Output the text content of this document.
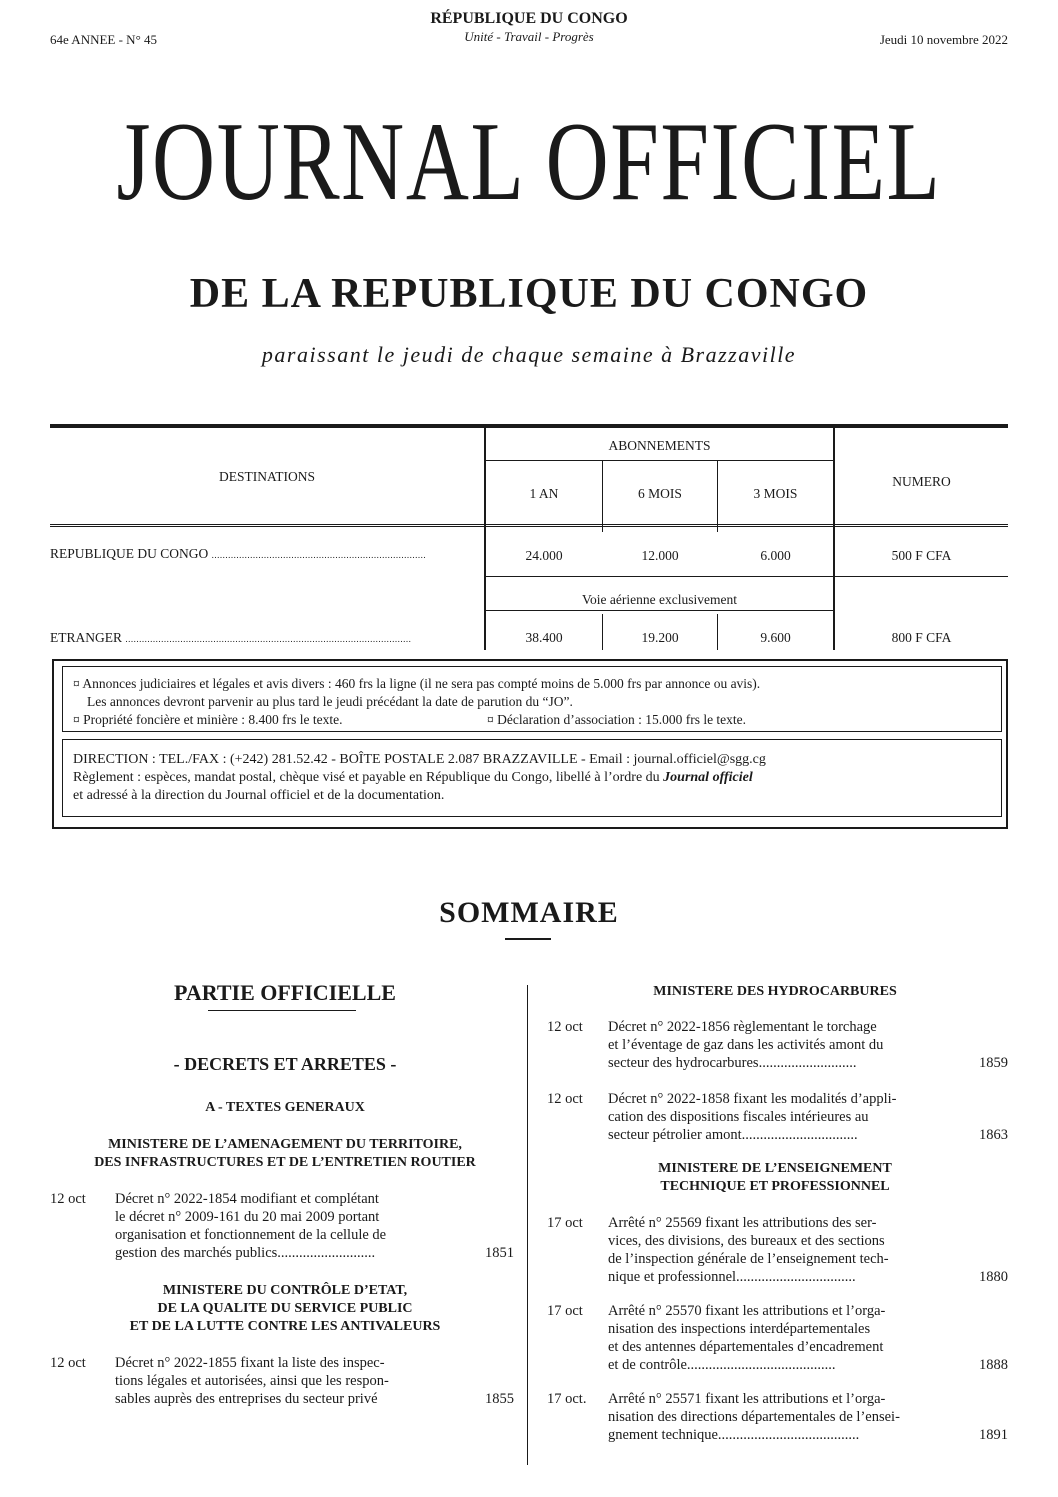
64e ANNEE - N° 45
RÉPUBLIQUE DU CONGO
Unité - Travail - Progrès	Jeudi 10 novembre 2022
JOURNAL OFFICIEL
DE LA REPUBLIQUE DU CONGO
paraissant le jeudi de chaque semaine à Brazzaville
DESTINATIONS
ABONNEMENTS
NUMERO
1 AN	6 MOIS	3 MOIS
REPUBLIQUE DU CONGO ..............................................................................	24.000	12.000	6.000	500 F CFA
Voie aérienne exclusivement
ETRANGER ........................................................................................................	38.400	19.200	9.600	800 F CFA
¤ Annonces judiciaires et légales et avis divers : 460 frs la ligne (il ne sera pas compté moins de 5.000 frs par annonce ou avis).
Les annonces devront parvenir au plus tard le jeudi précédant la date de parution du “JO”.
¤ Propriété foncière et minière : 8.400 frs le texte.	¤ Déclaration d’association : 15.000 frs le texte.
DIRECTION : TEL./FAX : (+242) 281.52.42 - BOÎTE POSTALE 2.087 BRAZZAVILLE - Email : journal.officiel@sgg.cg
Règlement : espèces, mandat postal, chèque visé et payable en République du Congo, libellé à l’ordre du Journal officiel
et adressé à la direction du Journal officiel et de la documentation.
SOMMAIRE
PARTIE OFFICIELLE
- DECRETS ET ARRETES -
A - TEXTES GENERAUX
MINISTERE DE L’AMENAGEMENT DU TERRITOIRE,
DES INFRASTRUCTURES ET DE L’ENTRETIEN ROUTIER
12 oct Décret n° 2022-1854 modifiant et complétant
le décret n° 2009-161 du 20 mai 2009 portant
organisation et fonctionnement de la cellule de
gestion des marchés publics...........................	1851
MINISTERE DU CONTRÔLE D’ETAT,
DE LA QUALITE DU SERVICE PUBLIC
ET DE LA LUTTE CONTRE LES ANTIVALEURS
12 oct Décret n° 2022-1855 fixant la liste des inspec-
tions légales et autorisées, ainsi que les respon-
sables auprès des entreprises du secteur privé	1855
MINISTERE DES HYDROCARBURES
12 oct Décret n° 2022-1856 règlementant le torchage
et l’éventage de gaz dans les activités amont du
secteur des hydrocarbures...........................	1859
12 oct Décret n° 2022-1858 fixant les modalités d’appli-
cation des dispositions fiscales intérieures au
secteur pétrolier amont................................	1863
MINISTERE DE L’ENSEIGNEMENT
TECHNIQUE ET PROFESSIONNEL
17 oct Arrêté n° 25569 fixant les attributions des ser-
vices, des divisions, des bureaux et des sections
de l’inspection générale de l’enseignement tech-
nique et professionnel.................................	1880
17 oct Arrêté n° 25570 fixant les attributions et l’orga-
nisation des inspections interdépartementales
et des antennes départementales d’encadrement
et de contrôle.........................................	1888
17 oct. Arrêté n° 25571 fixant les attributions et l’orga-
nisation des directions départementales de l’ensei-
gnement technique.......................................	1891
